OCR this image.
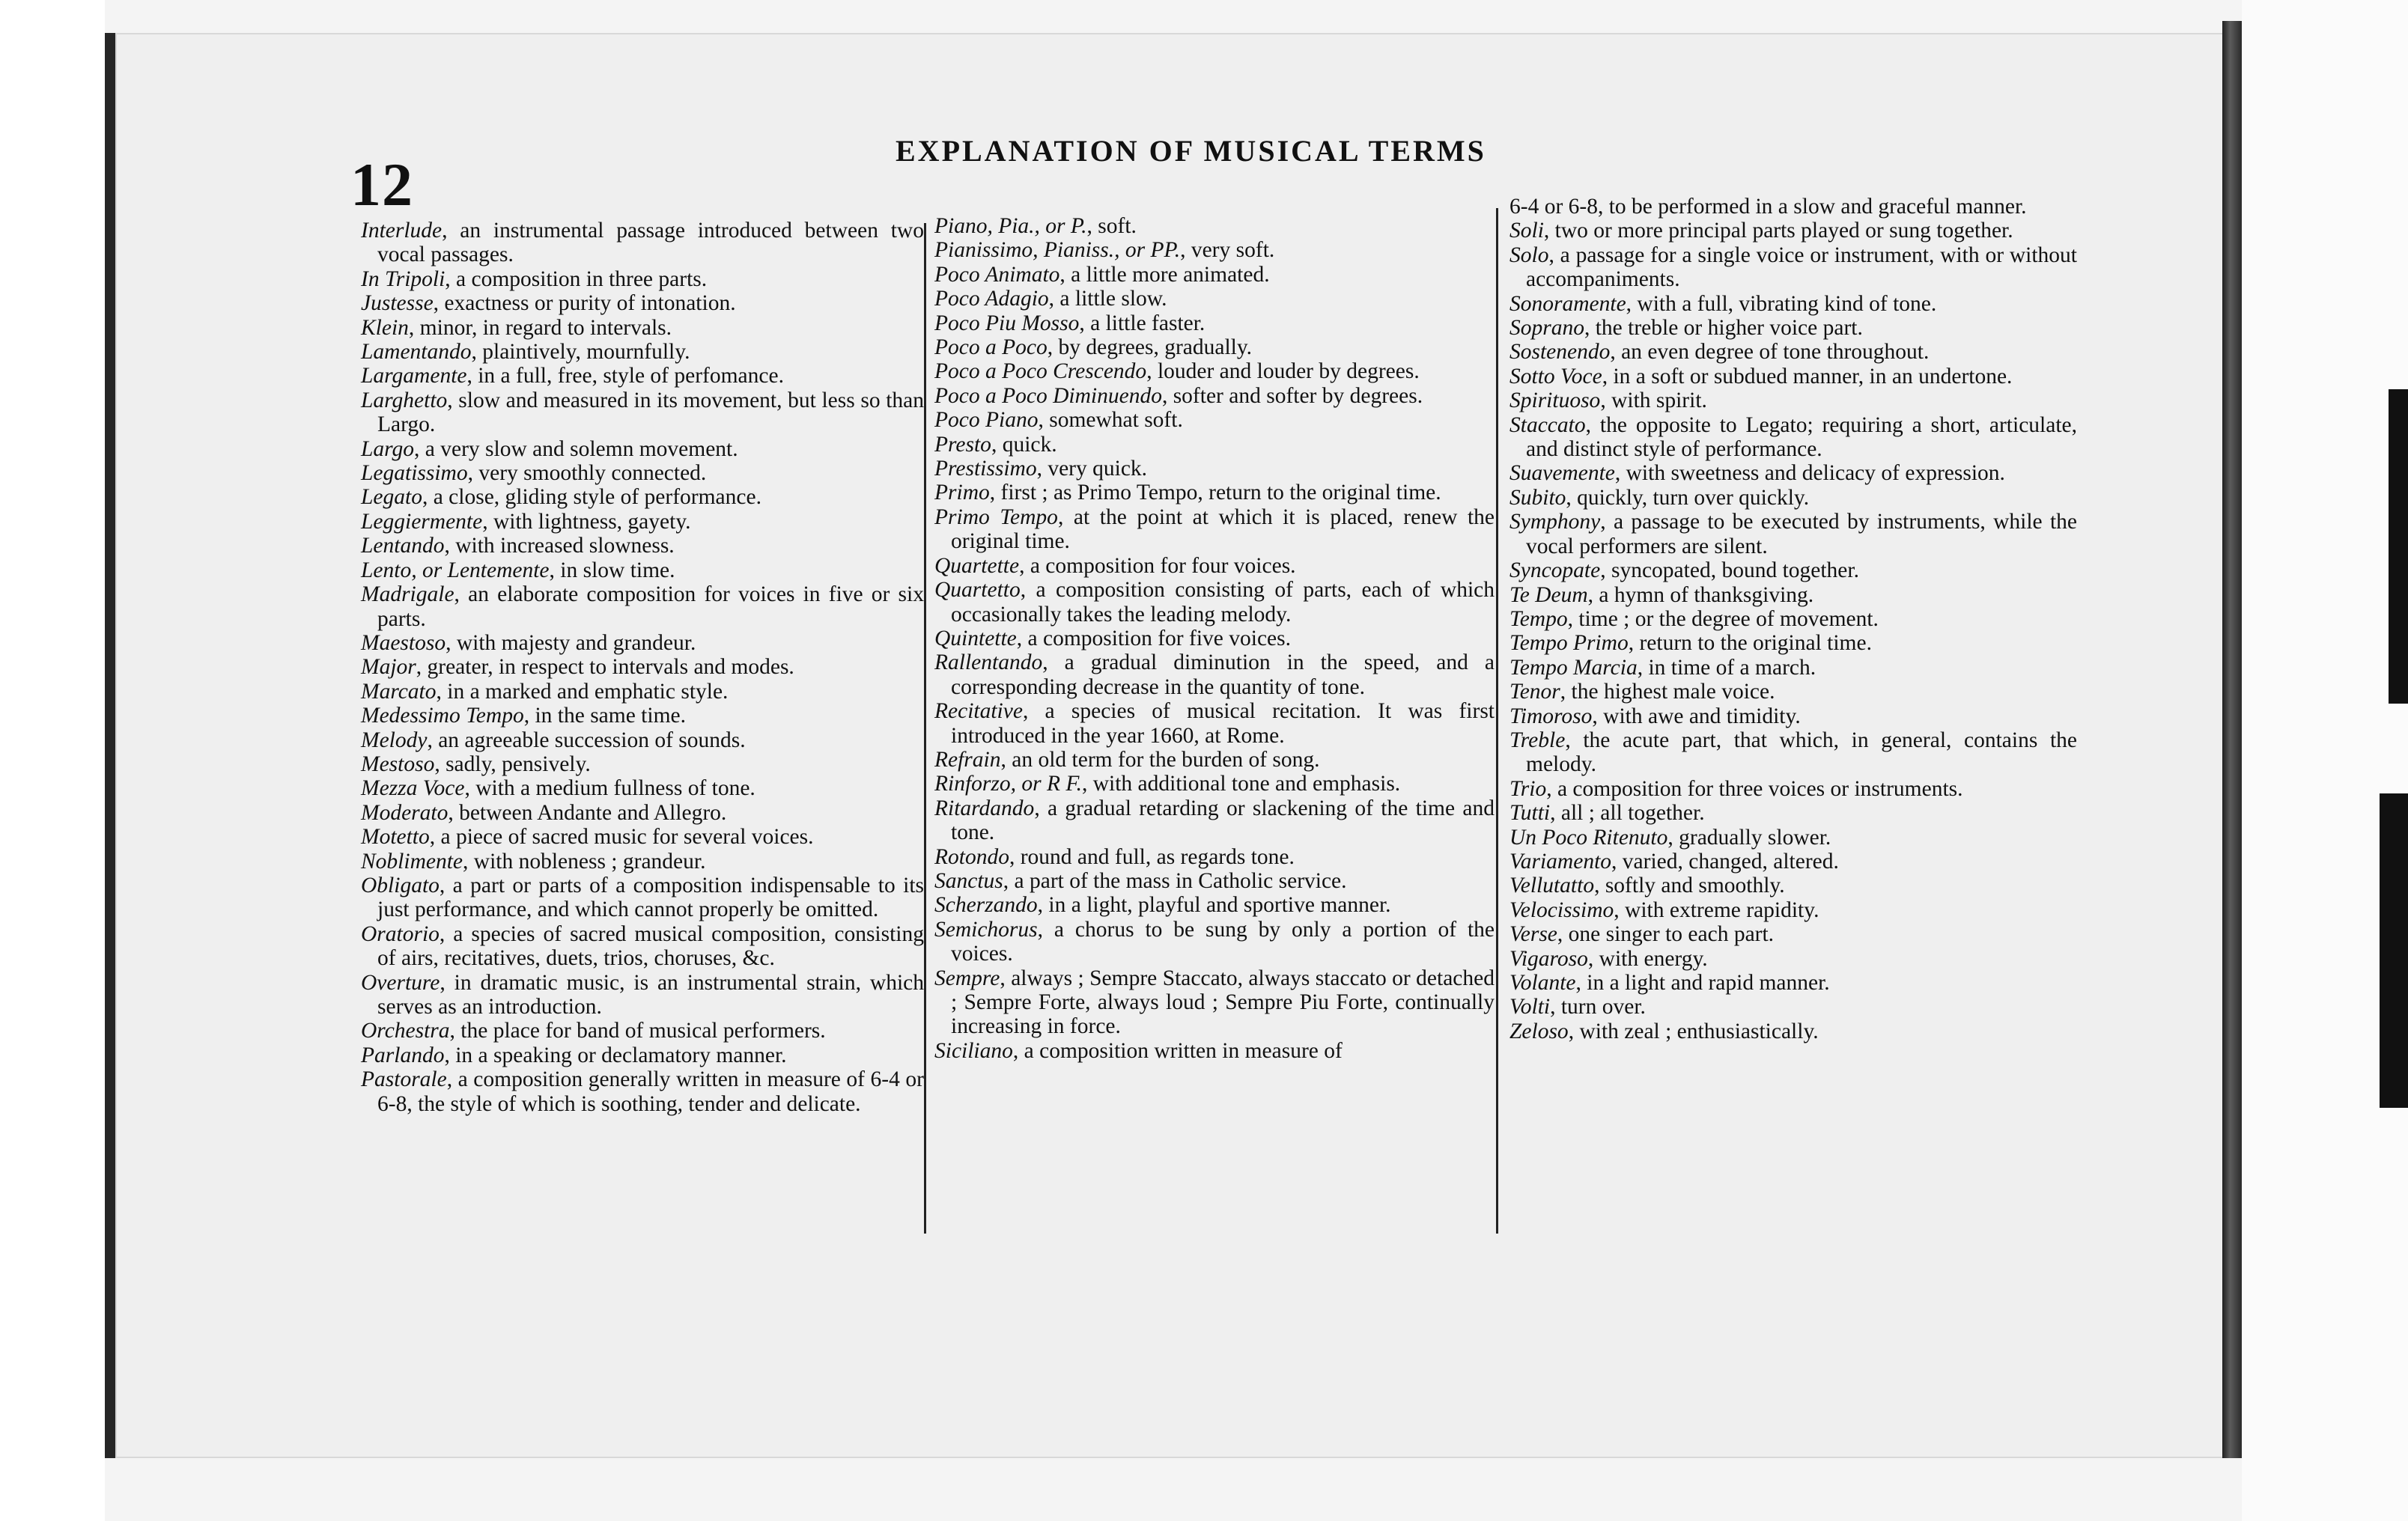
12	EXPLANATION OF MUSICAL TERMS
Interlude, an instrumental passage introduced between two vocal passages.
In Tripoli, a composition in three parts.
Justesse, exactness or purity of intonation.
Klein, minor, in regard to intervals.
Lamentando, plaintively, mournfully.
Largamente, in a full, free, style of perfomance.
Larghetto, slow and measured in its movement, but less so than Largo.
Largo, a very slow and solemn movement.
Legatissimo, very smoothly connected.
Legato, a close, gliding style of performance.
Leggiermente, with lightness, gayety.
Lentando, with increased slowness.
Lento, or Lentemente, in slow time.
Madrigale, an elaborate composition for voices in five or six parts.
Maestoso, with majesty and grandeur.
Major, greater, in respect to intervals and modes.
Marcato, in a marked and emphatic style.
Medessimo Tempo, in the same time.
Melody, an agreeable succession of sounds.
Mestoso, sadly, pensively.
Mezza Voce, with a medium fullness of tone.
Moderato, between Andante and Allegro.
Motetto, a piece of sacred music for several voices.
Noblimente, with nobleness ; grandeur.
Obligato, a part or parts of a composition indispensable to its just performance, and which cannot properly be omitted.
Oratorio, a species of sacred musical composition, consisting of airs, recitatives, duets, trios, choruses, &c.
Overture, in dramatic music, is an instrumental strain, which serves as an introduction.
Orchestra, the place for band of musical performers.
Parlando, in a speaking or declamatory manner.
Pastorale, a composition generally written in measure of 6-4 or 6-8, the style of which is soothing, tender and delicate.
Piano, Pia., or P., soft.
Pianissimo, Pianiss., or PP., very soft.
Poco Animato, a little more animated.
Poco Adagio, a little slow.
Poco Piu Mosso, a little faster.
Poco a Poco, by degrees, gradually.
Poco a Poco Crescendo, louder and louder by degrees.
Poco a Poco Diminuendo, softer and softer by degrees.
Poco Piano, somewhat soft.
Presto, quick.
Prestissimo, very quick.
Primo, first ; as Primo Tempo, return to the original time.
Primo Tempo, at the point at which it is placed, renew the original time.
Quartette, a composition for four voices.
Quartetto, a composition consisting of parts, each of which occasionally takes the leading melody.
Quintette, a composition for five voices.
Rallentando, a gradual diminution in the speed, and a corresponding decrease in the quantity of tone.
Recitative, a species of musical recitation. It was first introduced in the year 1660, at Rome.
Refrain, an old term for the burden of song.
Rinforzo, or R F., with additional tone and emphasis.
Ritardando, a gradual retarding or slackening of the time and tone.
Rotondo, round and full, as regards tone.
Sanctus, a part of the mass in Catholic service.
Scherzando, in a light, playful and sportive manner.
Semichorus, a chorus to be sung by only a portion of the voices.
Sempre, always ; Sempre Staccato, always staccato or detached ; Sempre Forte, always loud ; Sempre Piu Forte, continually increasing in force.
Siciliano, a composition written in measure of
6-4 or 6-8, to be performed in a slow and graceful manner.
Soli, two or more principal parts played or sung together.
Solo, a passage for a single voice or instrument, with or without accompaniments.
Sonoramente, with a full, vibrating kind of tone.
Soprano, the treble or higher voice part.
Sostenendo, an even degree of tone throughout.
Sotto Voce, in a soft or subdued manner, in an undertone.
Spirituoso, with spirit.
Staccato, the opposite to Legato; requiring a short, articulate, and distinct style of performance.
Suavemente, with sweetness and delicacy of expression.
Subito, quickly, turn over quickly.
Symphony, a passage to be executed by instruments, while the vocal performers are silent.
Syncopate, syncopated, bound together.
Te Deum, a hymn of thanksgiving.
Tempo, time ; or the degree of movement.
Tempo Primo, return to the original time.
Tempo Marcia, in time of a march.
Tenor, the highest male voice.
Timoroso, with awe and timidity.
Treble, the acute part, that which, in general, contains the melody.
Trio, a composition for three voices or instruments.
Tutti, all ; all together.
Un Poco Ritenuto, gradually slower.
Variamento, varied, changed, altered.
Vellutatto, softly and smoothly.
Velocissimo, with extreme rapidity.
Verse, one singer to each part.
Vigaroso, with energy.
Volante, in a light and rapid manner.
Volti, turn over.
Zeloso, with zeal ; enthusiastically.
